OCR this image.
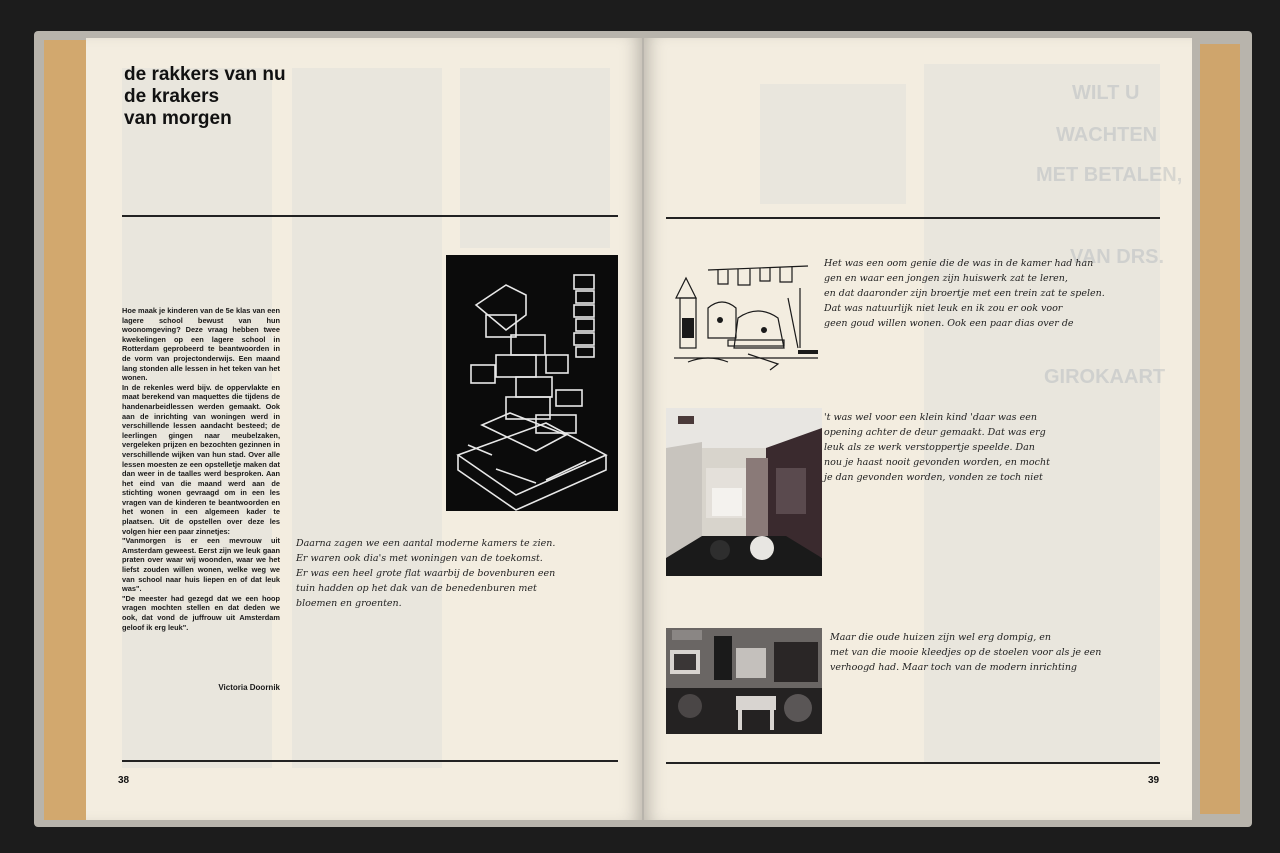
de rakkers van nu
de krakers
van morgen

Hoe maak je kinderen van de 5e klas van een lagere school bewust van hun woonomgeving? Deze vraag hebben twee kwekelingen op een lagere school in Rotterdam geprobeerd te beantwoorden in de vorm van projectonderwijs. Een maand lang stonden alle lessen in het teken van het wonen.

In de rekenles werd bijv. de oppervlakte en maat berekend van maquettes die tijdens de handenarbeidlessen werden gemaakt. Ook aan de inrichting van woningen werd in verschillende lessen aandacht besteed; de leerlingen gingen naar meubelzaken, vergeleken prijzen en bezochten gezinnen in verschillende wijken van hun stad. Over alle lessen moesten ze een opstelletje maken dat dan weer in de taalles werd besproken. Aan het eind van die maand werd aan de stichting wonen gevraagd om in een les vragen van de kinderen te beantwoorden en het wonen in een algemeen kader te plaatsen. Uit de opstellen over deze les volgen hier een paar zinnetjes:

"Vanmorgen is er een mevrouw uit Amsterdam geweest. Eerst zijn we leuk gaan praten over waar wij woonden, waar we het liefst zouden willen wonen, welke weg we van school naar huis liepen en of dat leuk was".

"De meester had gezegd dat we een hoop vragen mochten stellen en dat deden we ook, dat vond de juffrouw uit Amsterdam geloof ik erg leuk".

Victoria Doornik
Daarna zagen we een aantal moderne kamers te zien.
Er waren ook dia's met woningen van de toekomst.
Er was een heel grote flat waarbij de bovenburen een
tuin hadden op het dak van de benedenburen met
bloemen en groenten.
38
WILT U
WACHTEN
MET BETALEN,
VAN DRS.
GIROKAART
Het was een oom genie die de was in de kamer had han
gen en waar een jongen zijn huiswerk zat te leren,
en dat daaronder zijn broertje met een trein zat te spelen.
Dat was natuurlijk niet leuk en ik zou er ook voor
geen goud willen wonen. Ook een paar dias over de
't was wel voor een klein kind 'daar was een
opening achter de deur gemaakt. Dat was erg
leuk als ze werk verstoppertje speelde. Dan
nou je haast nooit gevonden worden, en mocht
je dan gevonden worden, vonden ze toch niet
Maar die oude huizen zijn wel erg dompig, en
met van die mooie kleedjes op de stoelen voor als je een
verhoogd had. Maar toch van de modern inrichting
39
